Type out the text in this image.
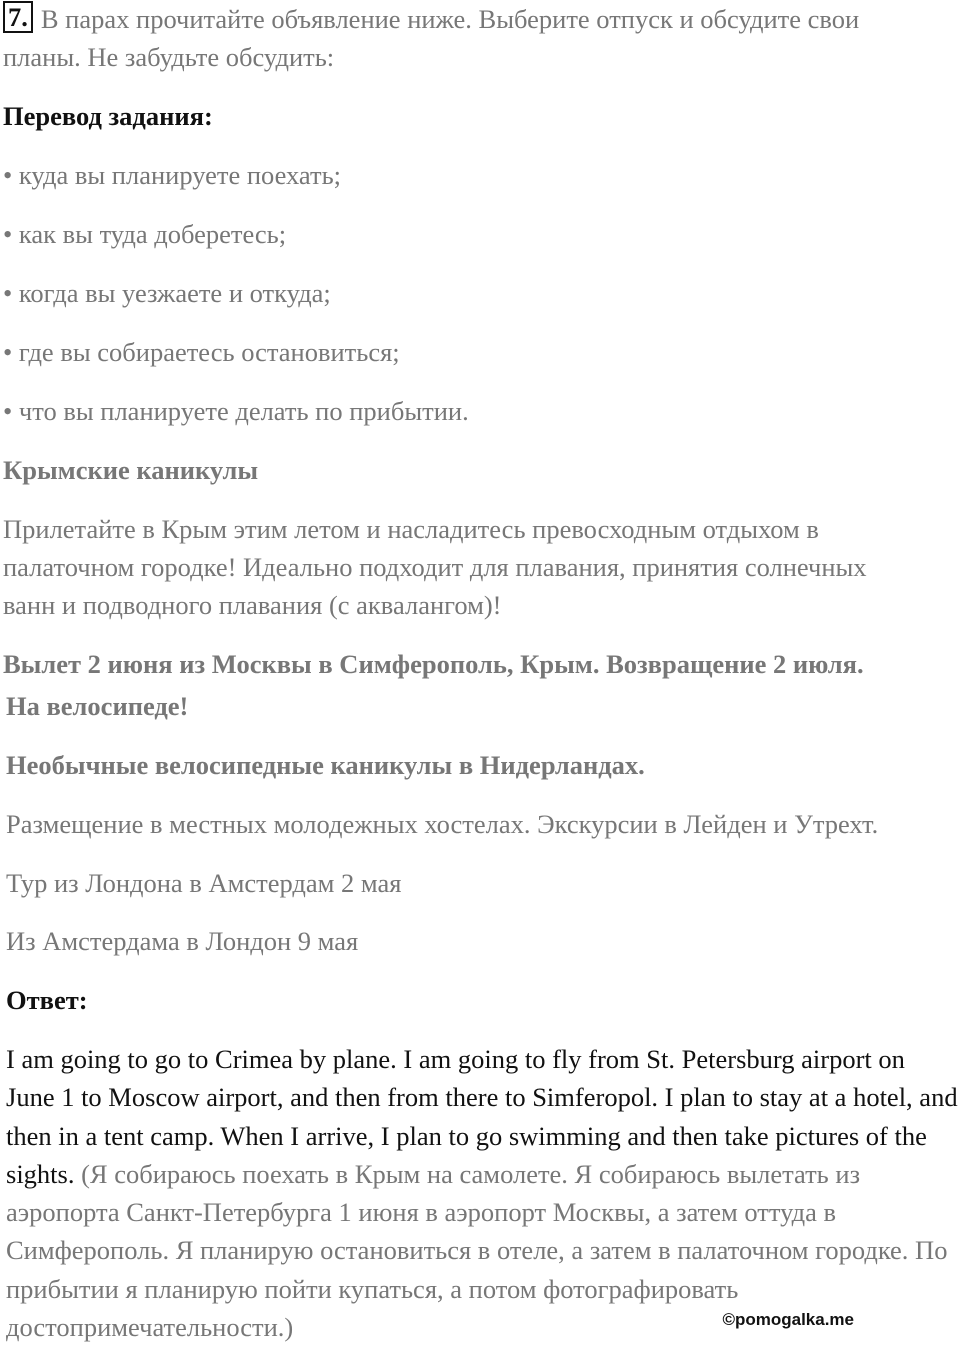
7. В парах прочитайте объявление ниже. Выберите отпуск и обсудите свои

планы. Не забудьте обсудить:

Перевод задания:

• куда вы планируете поехать;

• как вы туда доберетесь;

• когда вы уезжаете и откуда;

• где вы собираетесь остановиться;

• что вы планируете делать по прибытии.

Крымские каникулы

Прилетайте в Крым этим летом и насладитесь превосходным отдыхом в

палаточном городке! Идеально подходит для плавания, принятия солнечных

ванн и подводного плавания (с аквалангом)!

Вылет 2 июня из Москвы в Симферополь, Крым. Возвращение 2 июля.

На велосипеде!

Необычные велосипедные каникулы в Нидерландах.

Размещение в местных молодежных хостелах. Экскурсии в Лейден и Утрехт.

Тур из Лондона в Амстердам 2 мая

Из Амстердама в Лондон 9 мая

Ответ:

I am going to go to Crimea by plane. I am going to fly from St. Petersburg airport on June 1 to Moscow airport, and then from there to Simferopol. I plan to stay at a hotel, and then in a tent camp. When I arrive, I plan to go swimming and then take pictures of the sights. (Я собираюсь поехать в Крым на самолете. Я собираюсь вылетать из аэропорта Санкт-Петербурга 1 июня в аэропорт Москвы, а затем оттуда в Симферополь. Я планирую остановиться в отеле, а затем в палаточном городке. По прибытии я планирую пойти купаться, а потом фотографировать достопримечательности.)	©pomogalka.me
